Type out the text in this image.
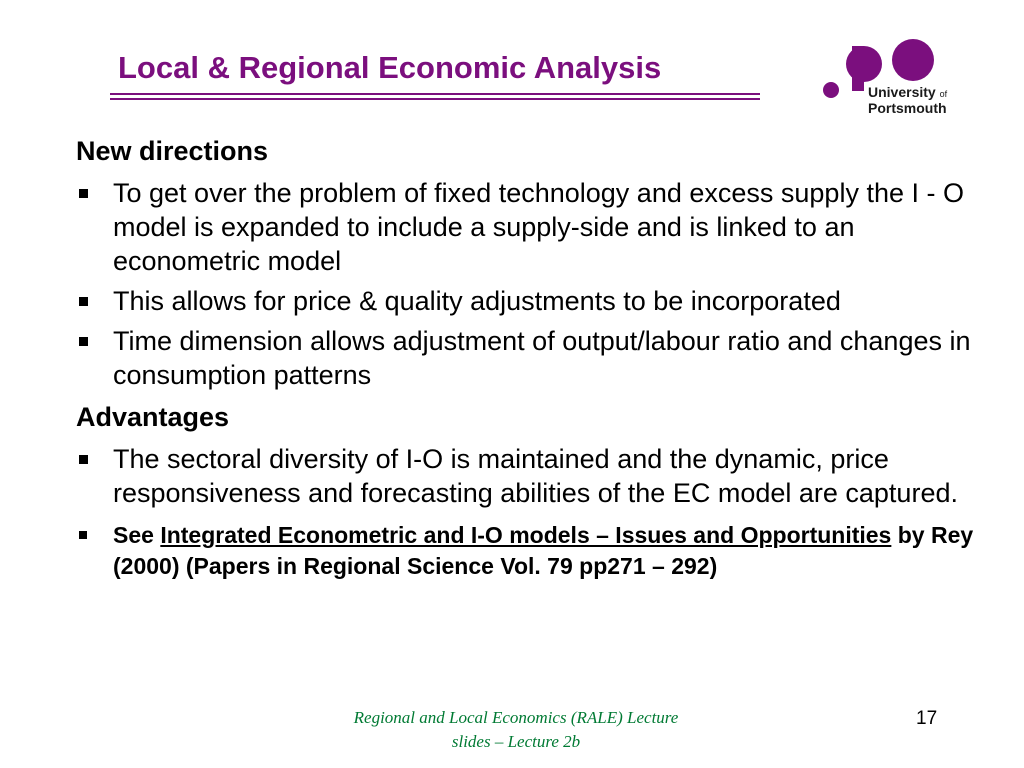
Local & Regional Economic Analysis
University of
Portsmouth
New directions
To get over the problem of fixed technology and excess supply the I - O model is expanded to include a supply-side and is linked to an econometric model
This allows for price & quality adjustments to be incorporated
Time dimension allows adjustment of output/labour ratio and changes in consumption patterns
Advantages
The sectoral diversity of I-O is maintained and the dynamic, price responsiveness and forecasting abilities of the EC model are captured.
See Integrated Econometric and I-O models – Issues and Opportunities by Rey (2000) (Papers in Regional Science Vol. 79 pp271 – 292)
Regional and Local Economics (RALE) Lecture
slides – Lecture 2b
17
